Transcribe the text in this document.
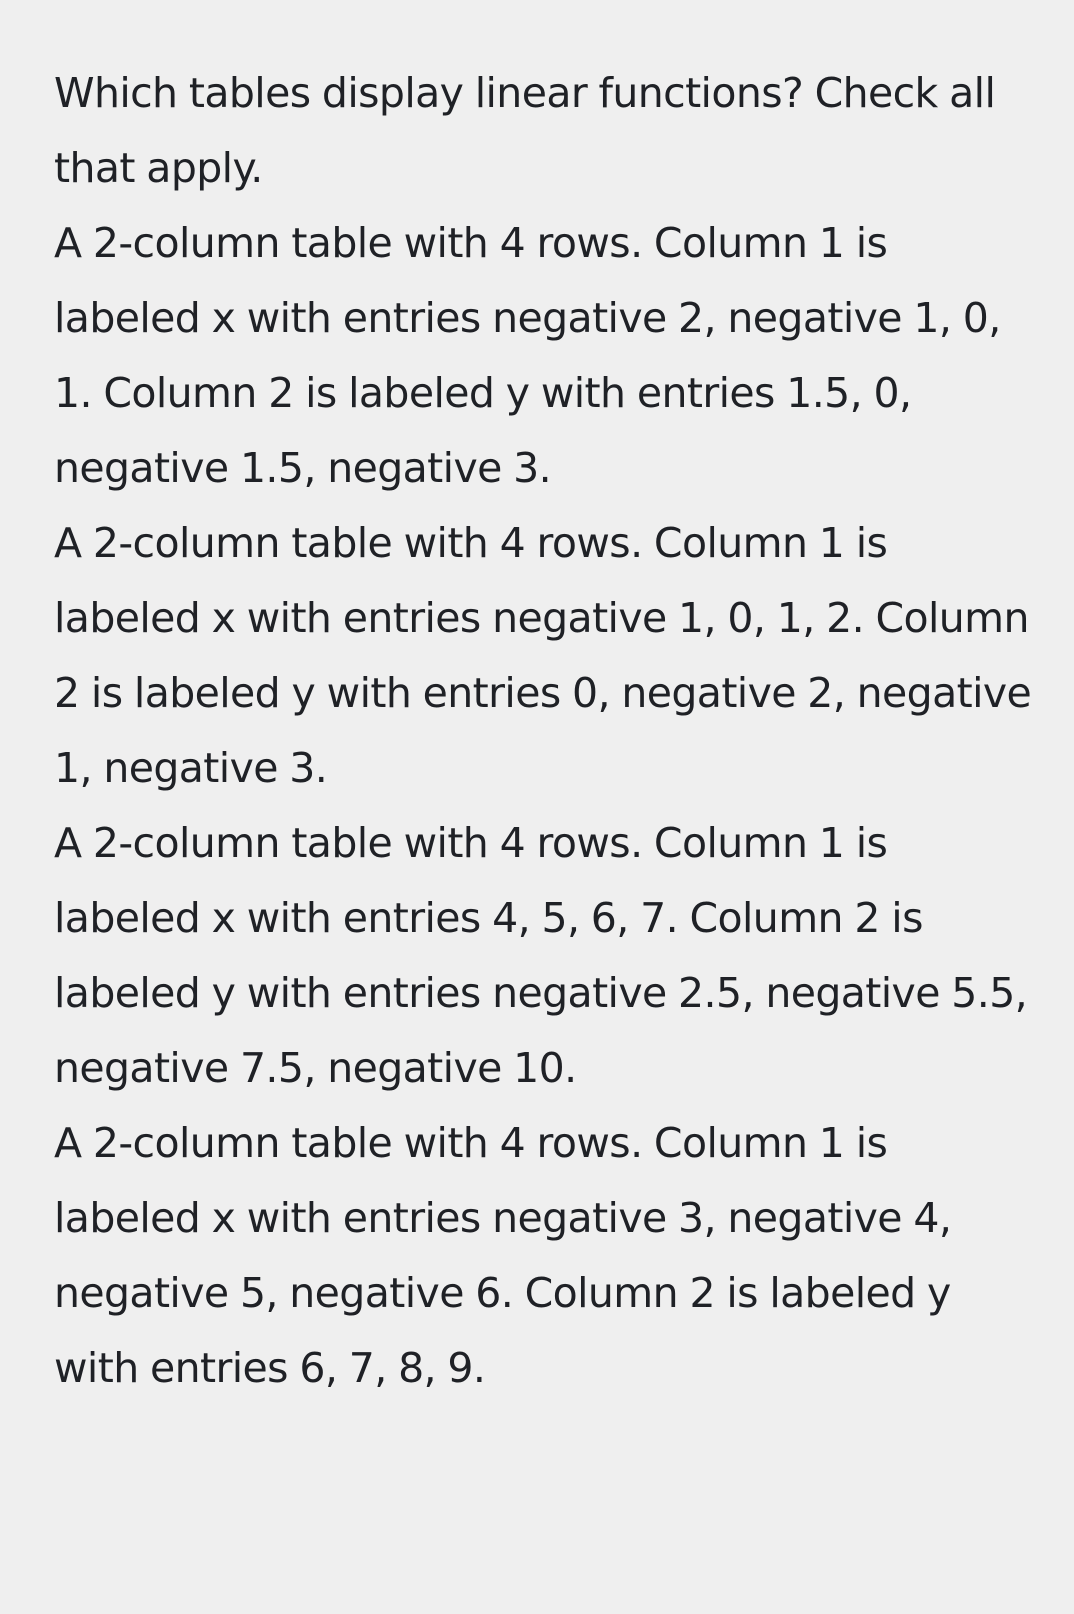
Which tables display linear functions? Check all that apply.

A 2-column table with 4 rows. Column 1 is labeled x with entries negative 2, negative 1, 0, 1. Column 2 is labeled y with entries 1.5, 0, negative 1.5, negative 3.

A 2-column table with 4 rows. Column 1 is labeled x with entries negative 1, 0, 1, 2. Column 2 is labeled y with entries 0, negative 2, negative 1, negative 3.

A 2-column table with 4 rows. Column 1 is labeled x with entries 4, 5, 6, 7. Column 2 is labeled y with entries negative 2.5, negative 5.5, negative 7.5, negative 10.

A 2-column table with 4 rows. Column 1 is labeled x with entries negative 3, negative 4, negative 5, negative 6. Column 2 is labeled y with entries 6, 7, 8, 9.
